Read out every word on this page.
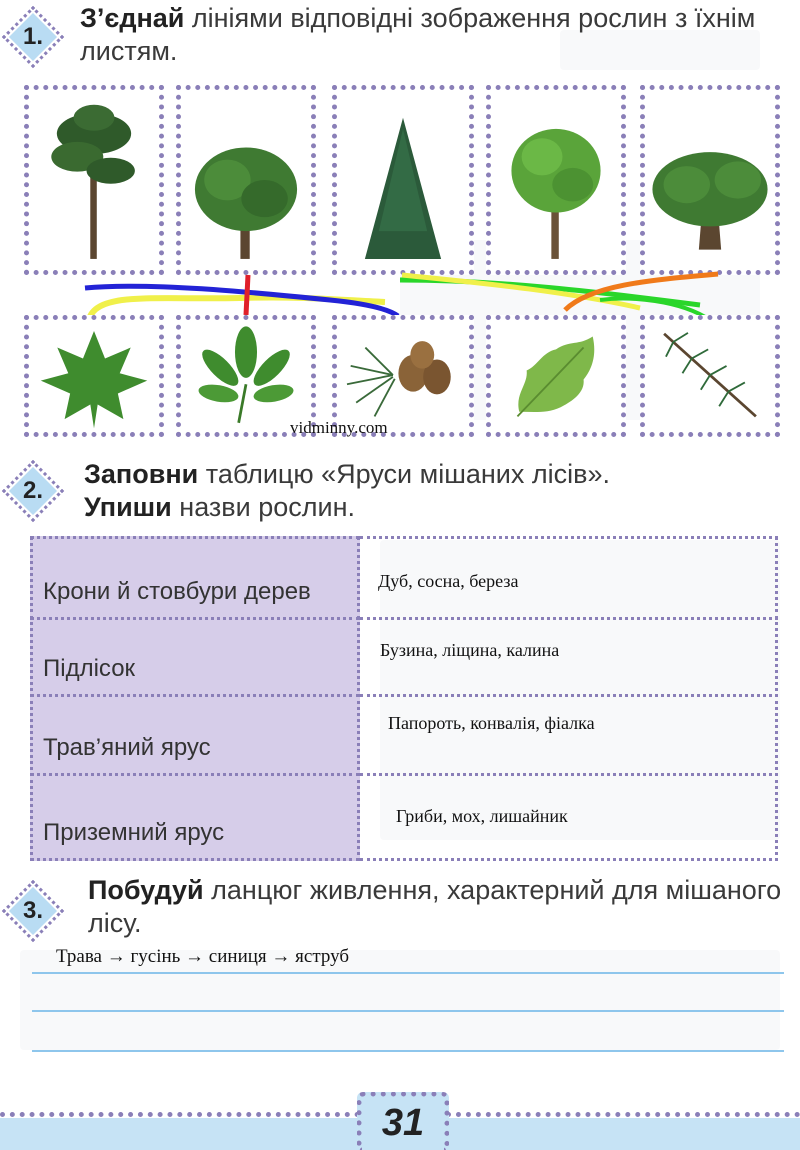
1.
З’єднай лініями відповідні зображення рослин з їхнім листям.
vidminny.com
2.
Заповни таблицю «Яруси мішаних лісів».
Упиши назви рослин.
Крони й стовбури дерев	Дуб, сосна, береза
Підлісок
Бузина, ліщина, калина
Трав’яний ярус
Папороть, конвалія, фіалка
Приземний ярус
Гриби, мох, лишайник
3.
Побудуй ланцюг живлення, характерний для мішаного лісу.
Трава → гусінь → синиця → яструб
31
